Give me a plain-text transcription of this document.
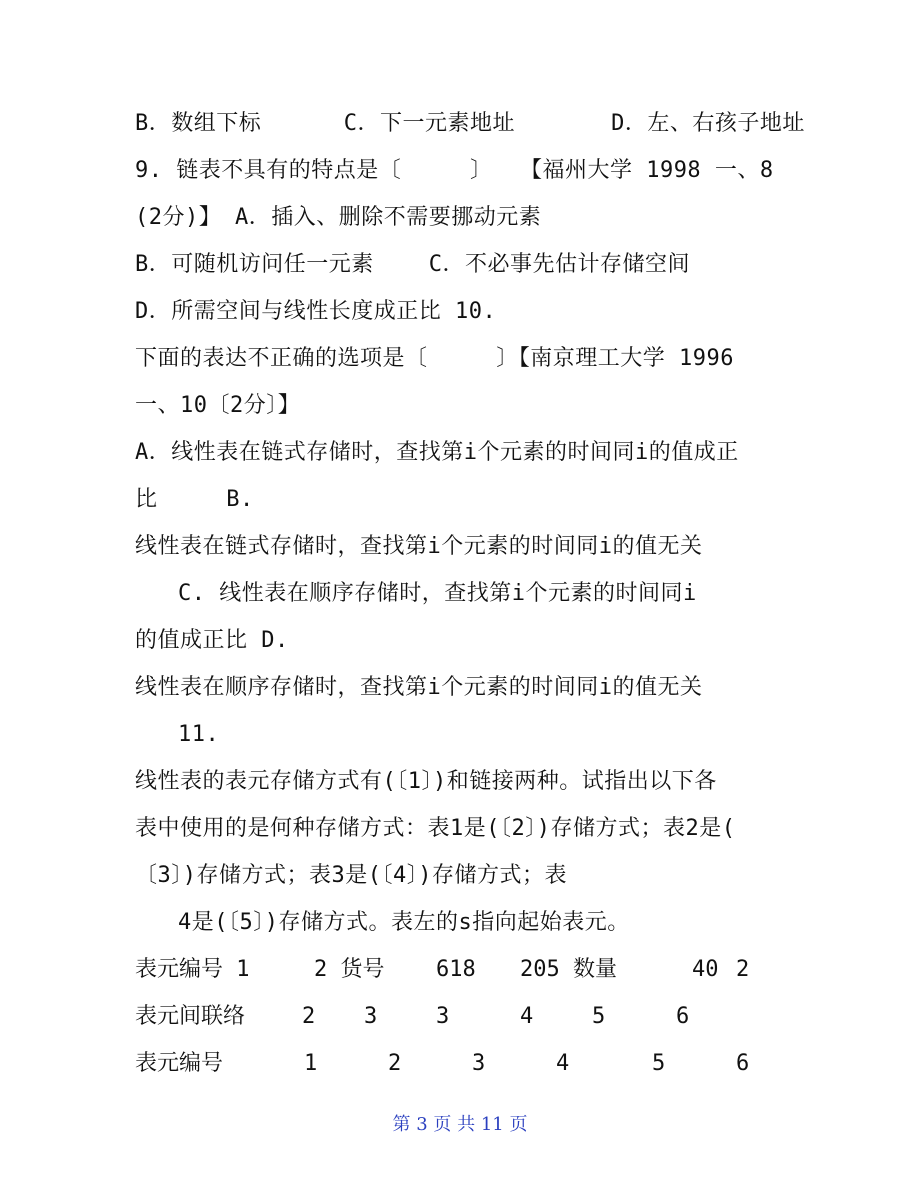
B．数组下标      C．下一元素地址       D．左、右孩子地址
9. 链表不具有的特点是〔     〕  【福州大学 1998 一、8
(2分)】 A．插入、删除不需要挪动元素
B．可随机访问任一元素    C．不必事先估计存储空间
D．所需空间与线性长度成正比 10.
下面的表达不正确的选项是〔     〕【南京理工大学 1996
一、10〔2分〕】
A．线性表在链式存储时，查找第i个元素的时间同i的值成正
比     B.
线性表在链式存储时，查找第i个元素的时间同i的值无关
C. 线性表在顺序存储时，查找第i个元素的时间同i
的值成正比 D.
线性表在顺序存储时，查找第i个元素的时间同i的值无关
11.
线性表的表元存储方式有(〔1〕)和链接两种。试指出以下各
表中使用的是何种存储方式：表1是(〔2〕)存储方式；表2是(
〔3〕)存储方式；表3是(〔4〕)存储方式；表
4是(〔5〕)存储方式。表左的s指向起始表元。
表元编号 1	2 货号 618 205 数量	40 2
表元间联络	2 3	3	4	5	6
表元编号	1	2	3	4	5	6
第 3 页 共 11 页
